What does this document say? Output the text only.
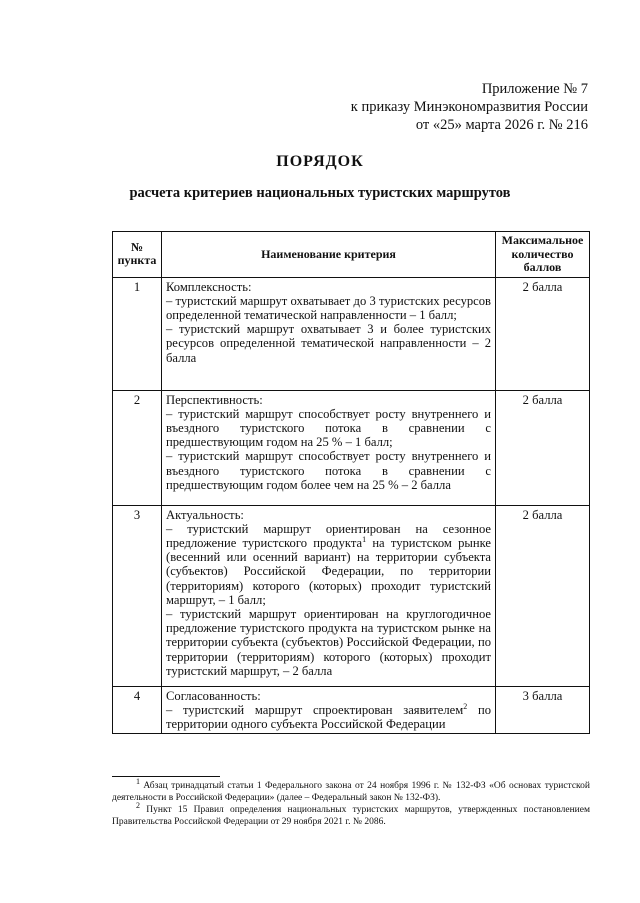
Приложение № 7
к приказу Минэкономразвития России
от «25» марта 2026 г. № 216
ПОРЯДОК
расчета критериев национальных туристских маршрутов
№ пункта	Наименование критерия	Максимальное количество баллов
1	Комплексность:

– туристский маршрут охватывает до 3 туристских ресурсов определенной тематической направленности – 1 балл;

– туристский маршрут охватывает 3 и более туристских ресурсов определенной тематической направленности – 2 балла	2 балла
2	Перспективность:

– туристский маршрут способствует росту внутреннего и въездного туристского потока в сравнении с предшествующим годом на 25 % – 1 балл;

– туристский маршрут способствует росту внутреннего и въездного туристского потока в сравнении с предшествующим годом более чем на 25 % – 2 балла	2 балла
3	Актуальность:

– туристский маршрут ориентирован на сезонное предложение туристского продукта$^1$ на туристском рынке (весенний или осенний вариант) на территории субъекта (субъектов) Российской Федерации, по территории (территориям) которого (которых) проходит туристский маршрут, – 1 балл;

– туристский маршрут ориентирован на круглогодичное предложение туристского продукта на туристском рынке на территории субъекта (субъектов) Российской Федерации, по территории (территориям) которого (которых) проходит туристский маршрут, – 2 балла	2 балла
4	Согласованность:

– туристский маршрут спроектирован заявителем$^2$ по территории одного субъекта Российской Федерации	3 балла

$^1$ Абзац тринадцатый статьи 1 Федерального закона от 24 ноября 1996 г. № 132-ФЗ «Об основах туристской деятельности в Российской Федерации» (далее – Федеральный закон № 132-ФЗ).

$^2$ Пункт 15 Правил определения национальных туристских маршрутов, утвержденных постановлением Правительства Российской Федерации от 29 ноября 2021 г. № 2086.
